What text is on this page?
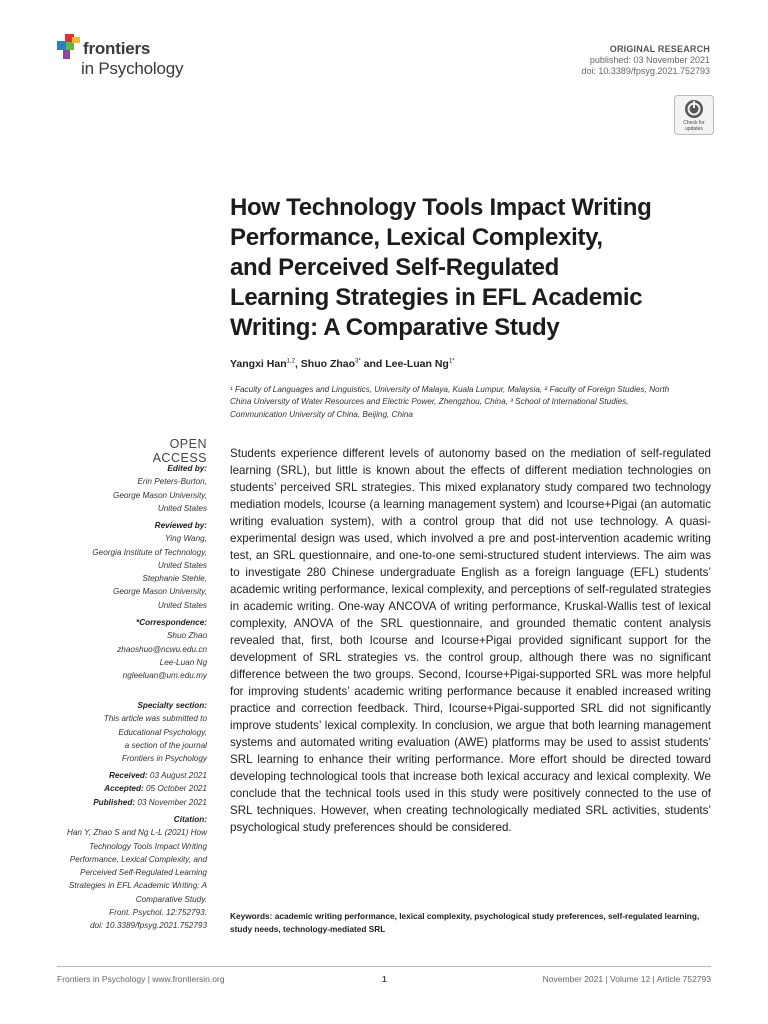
frontiers
in Psychology
ORIGINAL RESEARCH
published: 03 November 2021
doi: 10.3389/fpsyg.2021.752793
Check for
updates
How Technology Tools Impact Writing
Performance, Lexical Complexity,
and Perceived Self-Regulated
Learning Strategies in EFL Academic
Writing: A Comparative Study
Yangxi Han$^{1,2}$, Shuo Zhao$^{3*}$ and Lee-Luan $Ng^{1*}$
¹ Faculty of Languages and Linguistics, University of Malaya, Kuala Lumpur, Malaysia, ² Faculty of Foreign Studies, North
China University of Water Resources and Electric Power, Zhengzhou, China, ³ School of International Studies,
Communication University of China, Beijing, China
OPEN ACCESS
Edited by:
Erin Peters-Burton,
George Mason University,
United States
Reviewed by:
Ying Wang,
Georgia Institute of Technology,
United States
Stephanie Stehle,
George Mason University,
United States
*Correspondence:
Shuo Zhao
zhaoshuo@ncwu.edu.cn
Lee-Luan Ng
ngleeluan@um.edu.my
Specialty section:
This article was submitted to
Educational Psychology,
a section of the journal
Frontiers in Psychology
Received: 03 August 2021
Accepted: 05 October 2021
Published: 03 November 2021
Citation:
Han Y, Zhao S and Ng L-L (2021) How
Technology Tools Impact Writing
Performance, Lexical Complexity, and
Perceived Self-Regulated Learning
Strategies in EFL Academic Writing: A
Comparative Study.
Front. Psychol. 12:752793.
doi: 10.3389/fpsyg.2021.752793
Students experience different levels of autonomy based on the mediation of self-regulated learning (SRL), but little is known about the effects of different mediation technologies on students’ perceived SRL strategies. This mixed explanatory study compared two technology mediation models, Icourse (a learning management system) and Icourse+Pigai (an automatic writing evaluation system), with a control group that did not use technology. A quasi-experimental design was used, which involved a pre and post-intervention academic writing test, an SRL questionnaire, and one-to-one semi-structured student interviews. The aim was to investigate 280 Chinese undergraduate English as a foreign language (EFL) students’ academic writing performance, lexical complexity, and perceptions of self-regulated strategies in academic writing. One-way ANCOVA of writing performance, Kruskal-Wallis test of lexical complexity, ANOVA of the SRL questionnaire, and grounded thematic content analysis revealed that, first, both Icourse and Icourse+Pigai provided significant support for the development of SRL strategies vs. the control group, although there was no significant difference between the two groups. Second, Icourse+Pigai-supported SRL was more helpful for improving students’ academic writing performance because it enabled increased writing practice and correction feedback. Third, Icourse+Pigai-supported SRL did not significantly improve students’ lexical complexity. In conclusion, we argue that both learning management systems and automated writing evaluation (AWE) platforms may be used to assist students’ SRL learning to enhance their writing performance. More effort should be directed toward developing technological tools that increase both lexical accuracy and lexical complexity. We conclude that the technical tools used in this study were positively connected to the use of SRL techniques. However, when creating technologically mediated SRL activities, students’ psychological study preferences should be considered.
Keywords: academic writing performance, lexical complexity, psychological study preferences, self-regulated learning, study needs, technology-mediated SRL
Frontiers in Psychology | www.frontiersin.org	1	November 2021 | Volume 12 | Article 752793
